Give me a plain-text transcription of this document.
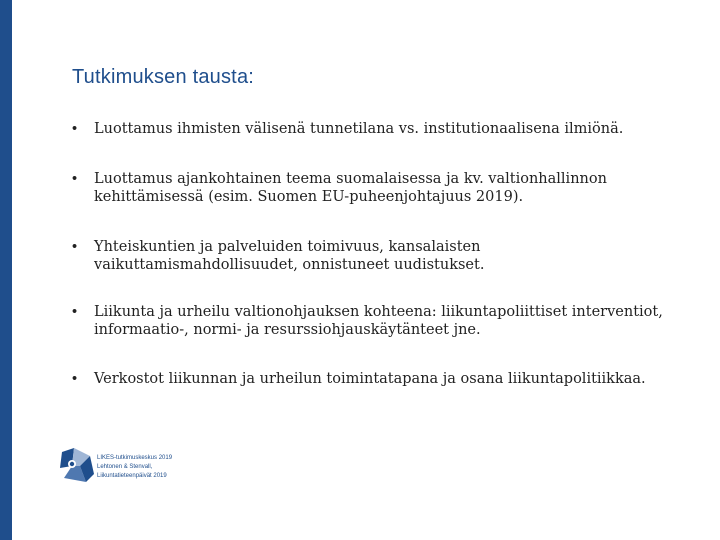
Tutkimuksen tausta:
• Luottamus ihmisten välisenä tunnetilana vs. institutionaalisena ilmiönä.
• Luottamus ajankohtainen teema suomalaisessa ja kv. valtionhallinnon kehittämisessä (esim. Suomen EU-puheenjohtajuus 2019).
• Yhteiskuntien ja palveluiden toimivuus, kansalaisten vaikuttamismahdollisuudet, onnistuneet uudistukset.
• Liikunta ja urheilu valtionohjauksen kohteena: liikuntapoliittiset interventiot, informaatio-, normi- ja resurssiohjauskäytänteet jne.
• Verkostot liikunnan ja urheilun toimintatapana ja osana liikuntapolitiikkaa.
LIKES-tutkimuskeskus 2019
Lehtonen & Stenvall,
Liikuntatieteenpäivät 2019
